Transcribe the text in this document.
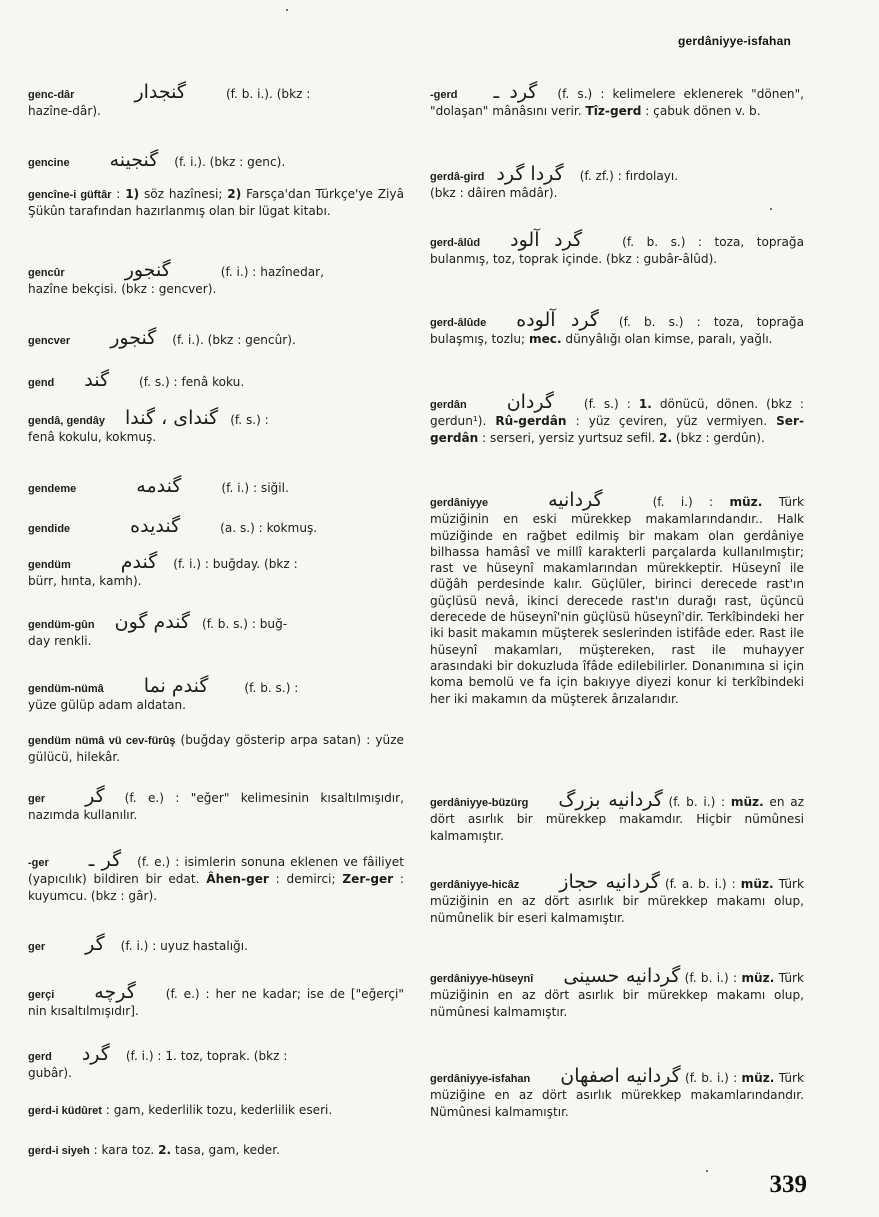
gerdâniyye-isfahan

genc-dâr	گنجدار	(f. b. i.). (bkz :
hazîne-dâr).

gencine گنجینه (f. i.). (bkz : genc).

gencîne-i güftâr : 1) söz hazînesi; 2) Farsça'dan Türkçe'ye Ziyâ Şükûn tarafından hazırlanmış olan bir lügat kitabı.

gencûr	گنجور	(f. i.) : hazînedar,
hazîne bekçisi. (bkz : gencver).

gencver گنجور (f. i.). (bkz : gencûr).

gend گند (f. s.) : fenâ koku.

gendâ, gendây گندای ، گندا (f. s.) :
fenâ kokulu, kokmuş.

gendeme	گندمه	(f. i.) : siğil.

gendide	گندیده	(a. s.) : kokmuş.

gendüm	گندم (f. i.) : buğday. (bkz :
bürr, hınta, kamh).

gendüm-gûn گندم گون (f. b. s.) : buğ-
day renkli.

gendüm-nümâ گندم نما	(f. b. s.) :
yüze gülüp adam aldatan.

gendüm nümâ vü cev-fürûş (buğday gösterip arpa satan) : yüze gülücü, hilekâr.

ger گر (f. e.) : "eğer" kelimesinin kısaltılmışıdır, nazımda kullanılır.

-ger گر ـ (f. e.) : isimlerin sonuna eklenen ve fâiliyet (yapıcılık) bildiren bir edat. Âhen-ger : demirci; Zer-ger : kuyumcu. (bkz : gâr).

ger گر (f. i.) : uyuz hastalığı.

gerçi گرچه (f. e.) : her ne kadar; ise de ["eğerçi" nin kısaltılmışıdır].

gerd گرد (f. i.) : 1. toz, toprak. (bkz :
gubâr).

gerd-i küdûret : gam, kederlilik tozu, kederlilik eseri.

gerd-i siyeh : kara toz. 2. tasa, gam, keder.

-gerd گرد ـ (f. s.) : kelimelere eklenerek "dönen", "dolaşan" mânâsını verir. Tîz-gerd : çabuk dönen v. b.

gerdâ-gird گردا گرد (f. zf.) : fırdolayı.
(bkz : dâiren mâdâr).

gerd-âlûd گرد آلود	(f. b. s.) : toza, toprağa bulanmış, toz, toprak içinde. (bkz : gubâr-âlûd).

gerd-âlûde گرد آلوده (f. b. s.) : toza, toprağa bulaşmış, tozlu; mec. dünyâlığı olan kimse, paralı, yağlı.

gerdân گردان (f. s.) : 1. dönücü, dönen. (bkz : gerdun¹). Rû-gerdân : yüz çeviren, yüz vermiyen. Ser-gerdân : serseri, yersiz yurtsuz sefil. 2. (bkz : gerdûn).

gerdâniyye	گردانیه	(f. i.) : müz. Türk müziğinin en eski mürekkep makamlarındandır.. Halk müziğinde en rağbet edilmiş bir makam olan gerdâniye bilhassa hamâsî ve millî karakterli parçalarda kullanılmıştır; rast ve hüseynî makamlarından mürekkeptir. Hüseynî ile düğâh perdesinde kalır. Güçlüler, birinci derecede rast'ın güçlüsü nevâ, ikinci derecede rast'ın durağı rast, üçüncü derecede de hüseynî'nin güçlüsü hüseynî'dir. Terkîbindeki her iki basit makamın müşterek seslerinden istifâde eder. Rast ile hüseynî makamları, müştereken, rast ile muhayyer arasındaki bir dokuzluda îfâde edilebilirler. Donanımına si için koma bemolü ve fa için bakıyye diyezi konur ki terkîbindeki her iki makamın da müşterek ârızalarıdır.

gerdâniyye-büzürg گردانیه بزرگ (f. b. i.) : müz. en az dört asırlık bir mürekkep makamdır. Hiçbir nümûnesi kalmamıştır.

gerdâniyye-hicâz گردانیه حجاز (f. a. b. i.) : müz. Türk müziğinin en az dört asırlık bir mürekkep makamı olup, nümûnelik bir eseri kalmamıştır.

gerdâniyye-hüseynî گردانیه حسینی (f. b. i.) : müz. Türk müziğinin en az dört asırlık bir mürekkep makamı olup, nümûnesi kalmamıştır.

gerdâniyye-isfahan گردانیه اصفهان (f. b. i.) : müz. Türk müziğine en az dört asırlık mürekkep makamlarındandır. Nümûnesi kalmamıştır.

339
